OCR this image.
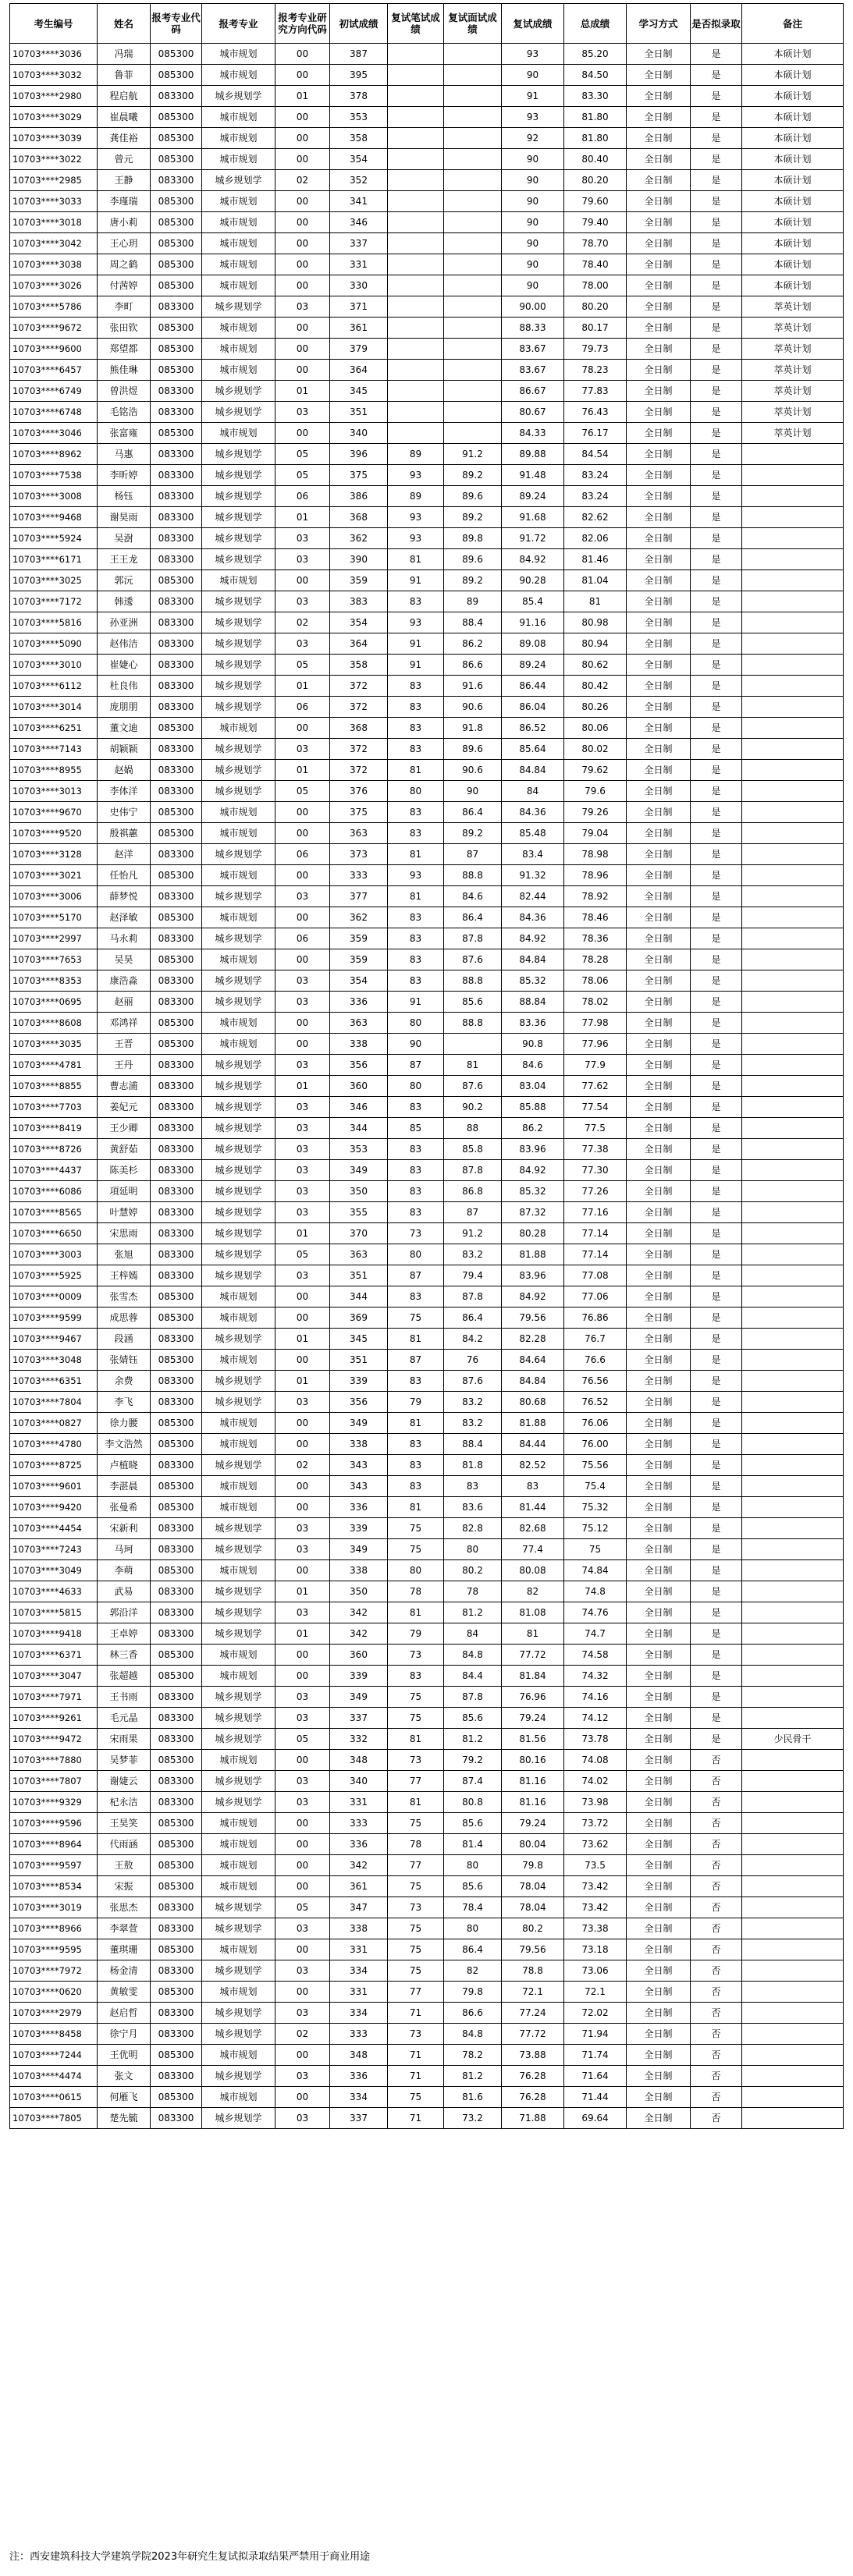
考生编号	姓名	报考专业代码	报考专业	报考专业研究方向代码	初试成绩	复试笔试成绩	复试面试成绩	复试成绩	总成绩	学习方式	是否拟录取	备注
10703****3036	冯瑞	085300	城市规划	00	387			93	85.20	全日制	是	本硕计划
10703****3032	鲁菲	085300	城市规划	00	395			90	84.50	全日制	是	本硕计划
10703****2980	程启航	083300	城乡规划学	01	378			91	83.30	全日制	是	本硕计划
10703****3029	崔晨曦	085300	城市规划	00	353			93	81.80	全日制	是	本硕计划
10703****3039	龚佳裕	085300	城市规划	00	358			92	81.80	全日制	是	本硕计划
10703****3022	曾元	085300	城市规划	00	354			90	80.40	全日制	是	本硕计划
10703****2985	王静	083300	城乡规划学	02	352			90	80.20	全日制	是	本硕计划
10703****3033	李瑾瑞	085300	城市规划	00	341			90	79.60	全日制	是	本硕计划
10703****3018	唐小莉	085300	城市规划	00	346			90	79.40	全日制	是	本硕计划
10703****3042	王心玥	085300	城市规划	00	337			90	78.70	全日制	是	本硕计划
10703****3038	周之鹤	085300	城市规划	00	331			90	78.40	全日制	是	本硕计划
10703****3026	付茜婷	085300	城市规划	00	330			90	78.00	全日制	是	本硕计划
10703****5786	李町	083300	城乡规划学	03	371			90.00	80.20	全日制	是	萃英计划
10703****9672	张田钦	085300	城市规划	00	361			88.33	80.17	全日制	是	萃英计划
10703****9600	郑望都	085300	城市规划	00	379			83.67	79.73	全日制	是	萃英计划
10703****6457	熊佳琳	085300	城市规划	00	364			83.67	78.23	全日制	是	萃英计划
10703****6749	曾洪煜	083300	城乡规划学	01	345			86.67	77.83	全日制	是	萃英计划
10703****6748	毛铭浩	083300	城乡规划学	03	351			80.67	76.43	全日制	是	萃英计划
10703****3046	张富雍	085300	城市规划	00	340			84.33	76.17	全日制	是	萃英计划
10703****8962	马惠	083300	城乡规划学	05	396	89	91.2	89.88	84.54	全日制	是	
10703****7538	李昕婷	083300	城乡规划学	05	375	93	89.2	91.48	83.24	全日制	是	
10703****3008	杨钰	083300	城乡规划学	06	386	89	89.6	89.24	83.24	全日制	是	
10703****9468	谢昊雨	083300	城乡规划学	01	368	93	89.2	91.68	82.62	全日制	是	
10703****5924	吴澍	083300	城乡规划学	03	362	93	89.8	91.72	82.06	全日制	是	
10703****6171	王王龙	083300	城乡规划学	03	390	81	89.6	84.92	81.46	全日制	是	
10703****3025	郭沅	085300	城市规划	00	359	91	89.2	90.28	81.04	全日制	是	
10703****7172	韩逶	083300	城乡规划学	03	383	83	89	85.4	81	全日制	是	
10703****5816	孙亚洲	083300	城乡规划学	02	354	93	88.4	91.16	80.98	全日制	是	
10703****5090	赵伟洁	083300	城乡规划学	03	364	91	86.2	89.08	80.94	全日制	是	
10703****3010	崔婕心	083300	城乡规划学	05	358	91	86.6	89.24	80.62	全日制	是	
10703****6112	杜良伟	083300	城乡规划学	01	372	83	91.6	86.44	80.42	全日制	是	
10703****3014	庞朋朋	083300	城乡规划学	06	372	83	90.6	86.04	80.26	全日制	是	
10703****6251	董文迪	085300	城市规划	00	368	83	91.8	86.52	80.06	全日制	是	
10703****7143	胡颖颖	083300	城乡规划学	03	372	83	89.6	85.64	80.02	全日制	是	
10703****8955	赵媧	083300	城乡规划学	01	372	81	90.6	84.84	79.62	全日制	是	
10703****3013	李体洋	083300	城乡规划学	05	376	80	90	84	79.6	全日制	是	
10703****9670	史伟宁	085300	城市规划	00	375	83	86.4	84.36	79.26	全日制	是	
10703****9520	殷祺蕙	085300	城市规划	00	363	83	89.2	85.48	79.04	全日制	是	
10703****3128	赵洋	083300	城乡规划学	06	373	81	87	83.4	78.98	全日制	是	
10703****3021	任怡凡	085300	城市规划	00	333	93	88.8	91.32	78.96	全日制	是	
10703****3006	薛梦悦	083300	城乡规划学	03	377	81	84.6	82.44	78.92	全日制	是	
10703****5170	赵泽敏	085300	城市规划	00	362	83	86.4	84.36	78.46	全日制	是	
10703****2997	马永莉	083300	城乡规划学	06	359	83	87.8	84.92	78.36	全日制	是	
10703****7653	吴昊	085300	城市规划	00	359	83	87.6	84.84	78.28	全日制	是	
10703****8353	康浩淼	083300	城乡规划学	03	354	83	88.8	85.32	78.06	全日制	是	
10703****0695	赵丽	083300	城乡规划学	03	336	91	85.6	88.84	78.02	全日制	是	
10703****8608	邓鸿祥	085300	城市规划	00	363	80	88.8	83.36	77.98	全日制	是	
10703****3035	王晋	085300	城市规划	00	338	90		90.8	77.96	全日制	是	
10703****4781	王丹	083300	城乡规划学	03	356	87	81	84.6	77.9	全日制	是	
10703****8855	曹志浦	083300	城乡规划学	01	360	80	87.6	83.04	77.62	全日制	是	
10703****7703	姜妃元	083300	城乡规划学	03	346	83	90.2	85.88	77.54	全日制	是	
10703****8419	王少卿	083300	城乡规划学	03	344	85	88	86.2	77.5	全日制	是	
10703****8726	黄舒茹	083300	城乡规划学	03	353	83	85.8	83.96	77.38	全日制	是	
10703****4437	陈美杉	083300	城乡规划学	03	349	83	87.8	84.92	77.30	全日制	是	
10703****6086	項延明	083300	城乡规划学	03	350	83	86.8	85.32	77.26	全日制	是	
10703****8565	叶慧婷	083300	城乡规划学	03	355	83	87	87.32	77.16	全日制	是	
10703****6650	宋思雨	083300	城乡规划学	01	370	73	91.2	80.28	77.14	全日制	是	
10703****3003	张旭	083300	城乡规划学	05	363	80	83.2	81.88	77.14	全日制	是	
10703****5925	王梓嫣	083300	城乡规划学	03	351	87	79.4	83.96	77.08	全日制	是	
10703****0009	张雪杰	085300	城市规划	00	344	83	87.8	84.92	77.06	全日制	是	
10703****9599	成思蓉	085300	城市规划	00	369	75	86.4	79.56	76.86	全日制	是	
10703****9467	段涵	083300	城乡规划学	01	345	81	84.2	82.28	76.7	全日制	是	
10703****3048	张婧钰	085300	城市规划	00	351	87	76	84.64	76.6	全日制	是	
10703****6351	余费	083300	城乡规划学	01	339	83	87.6	84.84	76.56	全日制	是	
10703****7804	李飞	083300	城乡规划学	03	356	79	83.2	80.68	76.52	全日制	是	
10703****0827	徐力腰	085300	城市规划	00	349	81	83.2	81.88	76.06	全日制	是	
10703****4780	李文浩然	085300	城市规划	00	338	83	88.4	84.44	76.00	全日制	是	
10703****8725	卢植晓	083300	城乡规划学	02	343	83	81.8	82.52	75.56	全日制	是	
10703****9601	李湛晨	085300	城市规划	00	343	83	83	83	75.4	全日制	是	
10703****9420	张曼希	085300	城市规划	00	336	81	83.6	81.44	75.32	全日制	是	
10703****4454	宋新利	083300	城乡规划学	03	339	75	82.8	82.68	75.12	全日制	是	
10703****7243	马珂	083300	城乡规划学	03	349	75	80	77.4	75	全日制	是	
10703****3049	李萌	085300	城市规划	00	338	80	80.2	80.08	74.84	全日制	是	
10703****4633	武易	083300	城乡规划学	01	350	78	78	82	74.8	全日制	是	
10703****5815	郭沿洋	083300	城乡规划学	03	342	81	81.2	81.08	74.76	全日制	是	
10703****9418	王卓婷	083300	城乡规划学	01	342	79	84	81	74.7	全日制	是	
10703****6371	林三香	085300	城市规划	00	360	73	84.8	77.72	74.58	全日制	是	
10703****3047	张超越	085300	城市规划	00	339	83	84.4	81.84	74.32	全日制	是	
10703****7971	王书雨	083300	城乡规划学	03	349	75	87.8	76.96	74.16	全日制	是	
10703****9261	毛元晶	083300	城乡规划学	03	337	75	85.6	79.24	74.12	全日制	是	
10703****9472	宋雨果	083300	城乡规划学	05	332	81	81.2	81.56	73.78	全日制	是	少民骨干
10703****7880	吴梦菲	085300	城市规划	00	348	73	79.2	80.16	74.08	全日制	否	
10703****7807	谢婕云	083300	城乡规划学	03	340	77	87.4	81.16	74.02	全日制	否	
10703****9329	杞永洁	083300	城乡规划学	03	331	81	80.8	81.16	73.98	全日制	否	
10703****9596	王昊笑	085300	城市规划	00	333	75	85.6	79.24	73.72	全日制	否	
10703****8964	代雨涵	085300	城市规划	00	336	78	81.4	80.04	73.62	全日制	否	
10703****9597	王敖	085300	城市规划	00	342	77	80	79.8	73.5	全日制	否	
10703****8534	宋振	085300	城市规划	00	361	75	85.6	78.04	73.42	全日制	否	
10703****3019	张思杰	083300	城乡规划学	05	347	73	78.4	78.04	73.42	全日制	否	
10703****8966	李翠萱	083300	城乡规划学	03	338	75	80	80.2	73.38	全日制	否	
10703****9595	董琪珊	085300	城市规划	00	331	75	86.4	79.56	73.18	全日制	否	
10703****7972	杨金清	083300	城乡规划学	03	334	75	82	78.8	73.06	全日制	否	
10703****0620	黄敏雯	085300	城市规划	00	331	77	79.8	72.1	72.1	全日制	否	
10703****2979	赵启哲	083300	城乡规划学	03	334	71	86.6	77.24	72.02	全日制	否	
10703****8458	徐宁月	083300	城乡规划学	02	333	73	84.8	77.72	71.94	全日制	否	
10703****7244	王优明	085300	城市规划	00	348	71	78.2	73.88	71.74	全日制	否	
10703****4474	张文	083300	城乡规划学	03	336	71	81.2	76.28	71.64	全日制	否	
10703****0615	何雁飞	085300	城市规划	00	334	75	81.6	76.28	71.44	全日制	否	
10703****7805	楚先毓	083300	城乡规划学	03	337	71	73.2	71.88	69.64	全日制	否	
注：西安建筑科技大学建筑学院2023年研究生复试拟录取结果严禁用于商业用途
